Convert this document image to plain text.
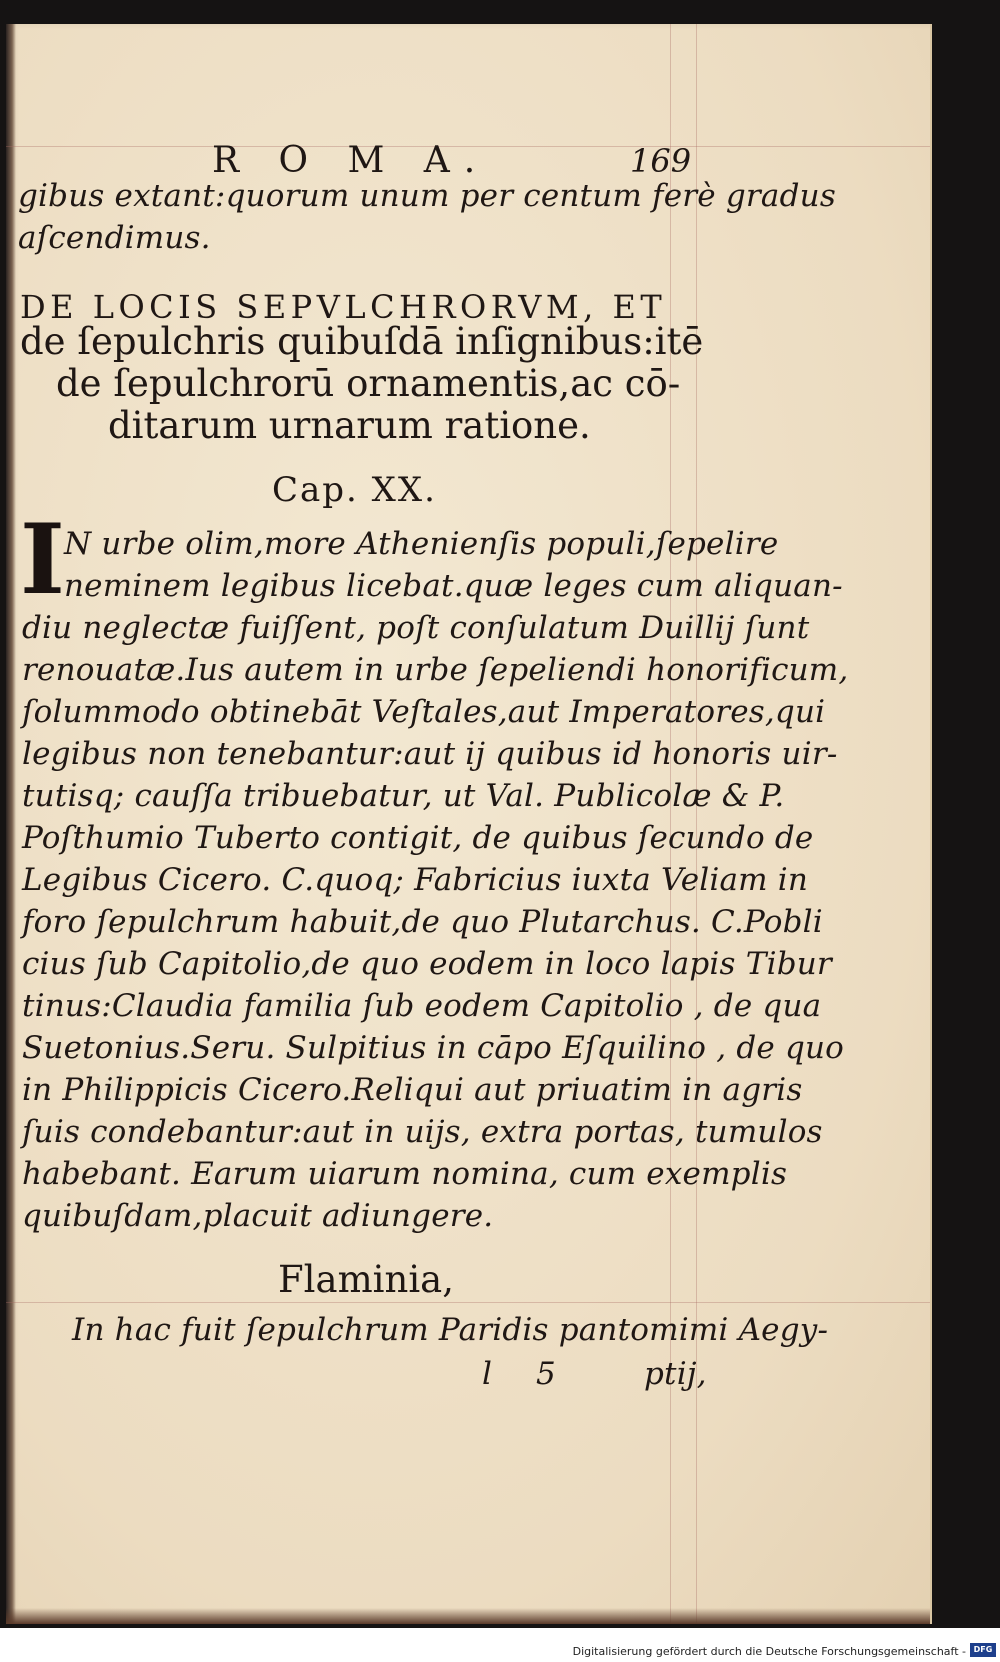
R O M A.	169
gibus extant:quorum unum per centum ferè gradus
aſcendimus.
DE LOCIS SEPVLCHRORVM, ET
de ſepulchris quibuſdā inſignibus:itē
de ſepulchrorū ornamentis,ac cō-
ditarum urnarum ratione.
Cap. XX.
I N urbe olim,more Athenienſis populi,ſepelire
neminem legibus licebat.quæ leges cum aliquan-
diu neglectæ fuiſſent, poſt conſulatum Duillij ſunt
renouatæ.Ius autem in urbe ſepeliendi honorificum,
ſolummodo obtinebāt Veſtales,aut Imperatores,qui
legibus non tenebantur:aut ij quibus id honoris uir-
tutisq; cauſſa tribuebatur, ut Val. Publicolæ & P.
Poſthumio Tuberto contigit, de quibus ſecundo de
Legibus Cicero. C.quoq; Fabricius iuxta Veliam in
foro ſepulchrum habuit,de quo Plutarchus. C.Pobli
cius ſub Capitolio,de quo eodem in loco lapis Tibur
tinus:Claudia familia ſub eodem Capitolio , de qua
Suetonius.Seru. Sulpitius in cāpo Eſquilino , de quo
in Philippicis Cicero.Reliqui aut priuatim in agris
ſuis condebantur:aut in uijs, extra portas, tumulos
habebant. Earum uiarum nomina, cum exemplis
quibuſdam,placuit adiungere.
Flaminia,
In hac fuit ſepulchrum Paridis pantomimi Aegy-
l 5	ptij,
Digitalisierung gefördert durch die Deutsche Forschungsgemeinschaft - DFG
